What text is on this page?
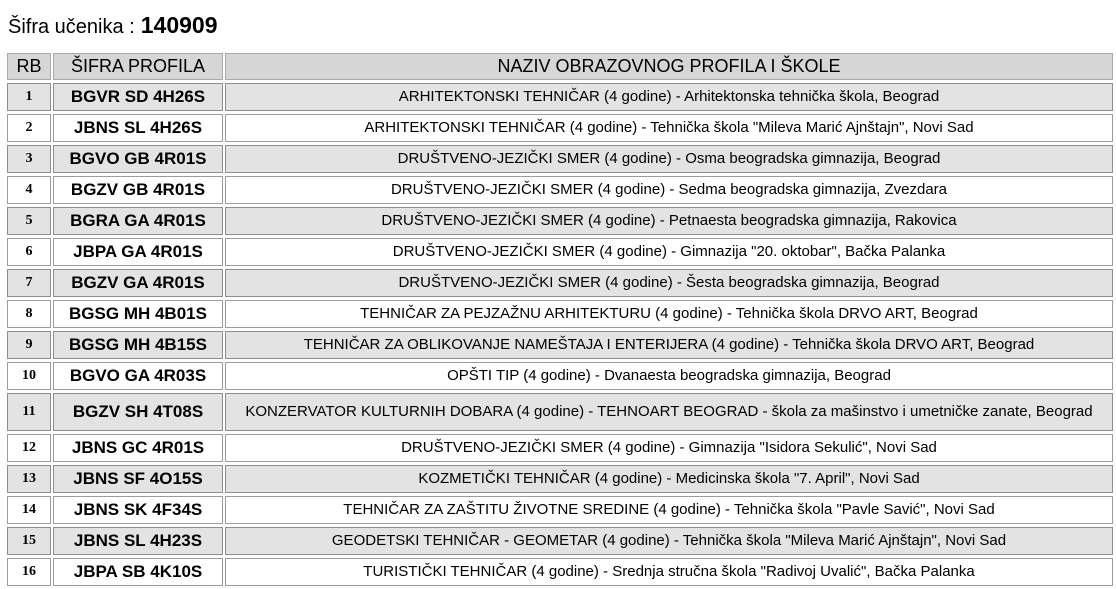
Šifra učenika : 140909
RB	ŠIFRA PROFILA	NAZIV OBRAZOVNOG PROFILA I ŠKOLE
1	BGVR SD 4H26S	ARHITEKTONSKI TEHNIČAR (4 godine) - Arhitektonska tehnička škola, Beograd
2	JBNS SL 4H26S	ARHITEKTONSKI TEHNIČAR (4 godine) - Tehnička škola "Mileva Marić Ajnštajn", Novi Sad
3	BGVO GB 4R01S	DRUŠTVENO-JEZIČKI SMER (4 godine) - Osma beogradska gimnazija, Beograd
4	BGZV GB 4R01S	DRUŠTVENO-JEZIČKI SMER (4 godine) - Sedma beogradska gimnazija, Zvezdara
5	BGRA GA 4R01S	DRUŠTVENO-JEZIČKI SMER (4 godine) - Petnaesta beogradska gimnazija, Rakovica
6	JBPA GA 4R01S	DRUŠTVENO-JEZIČKI SMER (4 godine) - Gimnazija "20. oktobar", Bačka Palanka
7	BGZV GA 4R01S	DRUŠTVENO-JEZIČKI SMER (4 godine) - Šesta beogradska gimnazija, Beograd
8	BGSG MH 4B01S	TEHNIČAR ZA PEJZAŽNU ARHITEKTURU (4 godine) - Tehnička škola DRVO ART, Beograd
9	BGSG MH 4B15S	TEHNIČAR ZA OBLIKOVANJE NAMEŠTAJA I ENTERIJERA (4 godine) - Tehnička škola DRVO ART, Beograd
10	BGVO GA 4R03S	OPŠTI TIP (4 godine) - Dvanaesta beogradska gimnazija, Beograd
11	BGZV SH 4T08S	KONZERVATOR KULTURNIH DOBARA (4 godine) - TEHNOART BEOGRAD - škola za mašinstvo i umetničke zanate, Beograd
12	JBNS GC 4R01S	DRUŠTVENO-JEZIČKI SMER (4 godine) - Gimnazija "Isidora Sekulić", Novi Sad
13	JBNS SF 4O15S	KOZMETIČKI TEHNIČAR (4 godine) - Medicinska škola "7. April", Novi Sad
14	JBNS SK 4F34S	TEHNIČAR ZA ZAŠTITU ŽIVOTNE SREDINE (4 godine) - Tehnička škola "Pavle Savić", Novi Sad
15	JBNS SL 4H23S	GEODETSKI TEHNIČAR - GEOMETAR (4 godine) - Tehnička škola "Mileva Marić Ajnštajn", Novi Sad
16	JBPA SB 4K10S	TURISTIČKI TEHNIČAR (4 godine) - Srednja stručna škola "Radivoj Uvalić", Bačka Palanka
